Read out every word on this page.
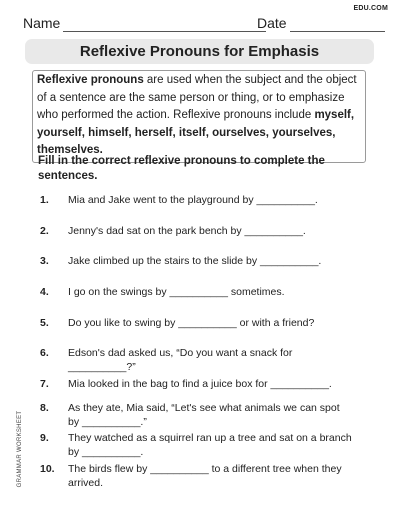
EDU.COM
Name	Date
Reflexive Pronouns for Emphasis
Reflexive pronouns are used when the subject and the object of a sentence are the same person or thing, or to emphasize who performed the action. Reflexive pronouns include myself, yourself, himself, herself, itself, ourselves, yourselves, themselves.
Fill in the correct reflexive pronouns to complete the sentences.
1.	Mia and Jake went to the playground by __________.
2.	Jenny's dad sat on the park bench by __________.
3.	Jake climbed up the stairs to the slide by __________.
4.	I go on the swings by __________ sometimes.
5.	Do you like to swing by __________ or with a friend?
6.	Edson's dad asked us, “Do you want a snack for __________?”
7.	Mia looked in the bag to find a juice box for __________.
8.	As they ate, Mia said, “Let's see what animals we can spot by __________.”
9.	They watched as a squirrel ran up a tree and sat on a branch by __________.
10.	The birds flew by __________ to a different tree when they arrived.
GRAMMAR WORKSHEET
